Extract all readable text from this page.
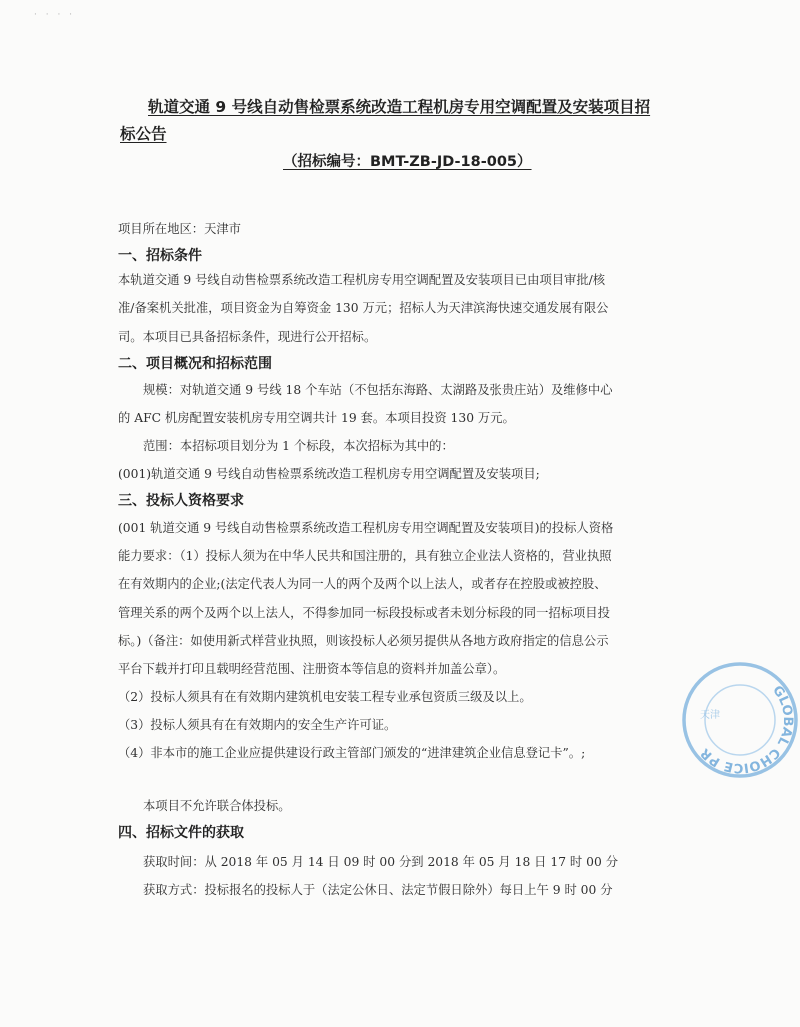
· · · ·
轨道交通 9 号线自动售检票系统改造工程机房专用空调配置及安装项目招
标公告
（招标编号：BMT-ZB-JD-18-005）
项目所在地区：天津市
一、招标条件
本轨道交通 9 号线自动售检票系统改造工程机房专用空调配置及安装项目已由项目审批/核
准/备案机关批准，项目资金为自筹资金 130 万元；招标人为天津滨海快速交通发展有限公
司。本项目已具备招标条件，现进行公开招标。
二、项目概况和招标范围
规模：对轨道交通 9 号线 18 个车站（不包括东海路、太湖路及张贵庄站）及维修中心
的 AFC 机房配置安装机房专用空调共计 19 套。本项目投资 130 万元。
范围：本招标项目划分为 1 个标段，本次招标为其中的：
(001)轨道交通 9 号线自动售检票系统改造工程机房专用空调配置及安装项目;
三、投标人资格要求
(001 轨道交通 9 号线自动售检票系统改造工程机房专用空调配置及安装项目)的投标人资格
能力要求：（1）投标人须为在中华人民共和国注册的，具有独立企业法人资格的，营业执照
在有效期内的企业;(法定代表人为同一人的两个及两个以上法人，或者存在控股或被控股、
管理关系的两个及两个以上法人，不得参加同一标段投标或者未划分标段的同一招标项目投
标。)（备注：如使用新式样营业执照，则该投标人必须另提供从各地方政府指定的信息公示
平台下载并打印且载明经营范围、注册资本等信息的资料并加盖公章）。
（2）投标人须具有在有效期内建筑机电安装工程专业承包资质三级及以上。
（3）投标人须具有在有效期内的安全生产许可证。
（4）非本市的施工企业应提供建设行政主管部门颁发的“进津建筑企业信息登记卡”。;
本项目不允许联合体投标。
四、招标文件的获取
获取时间：从 2018 年 05 月 14 日 09 时 00 分到 2018 年 05 月 18 日 17 时 00 分
获取方式：投标报名的投标人于（法定公休日、法定节假日除外）每日上午 9 时 00 分
GLOBAL CHOICE PR
天津
